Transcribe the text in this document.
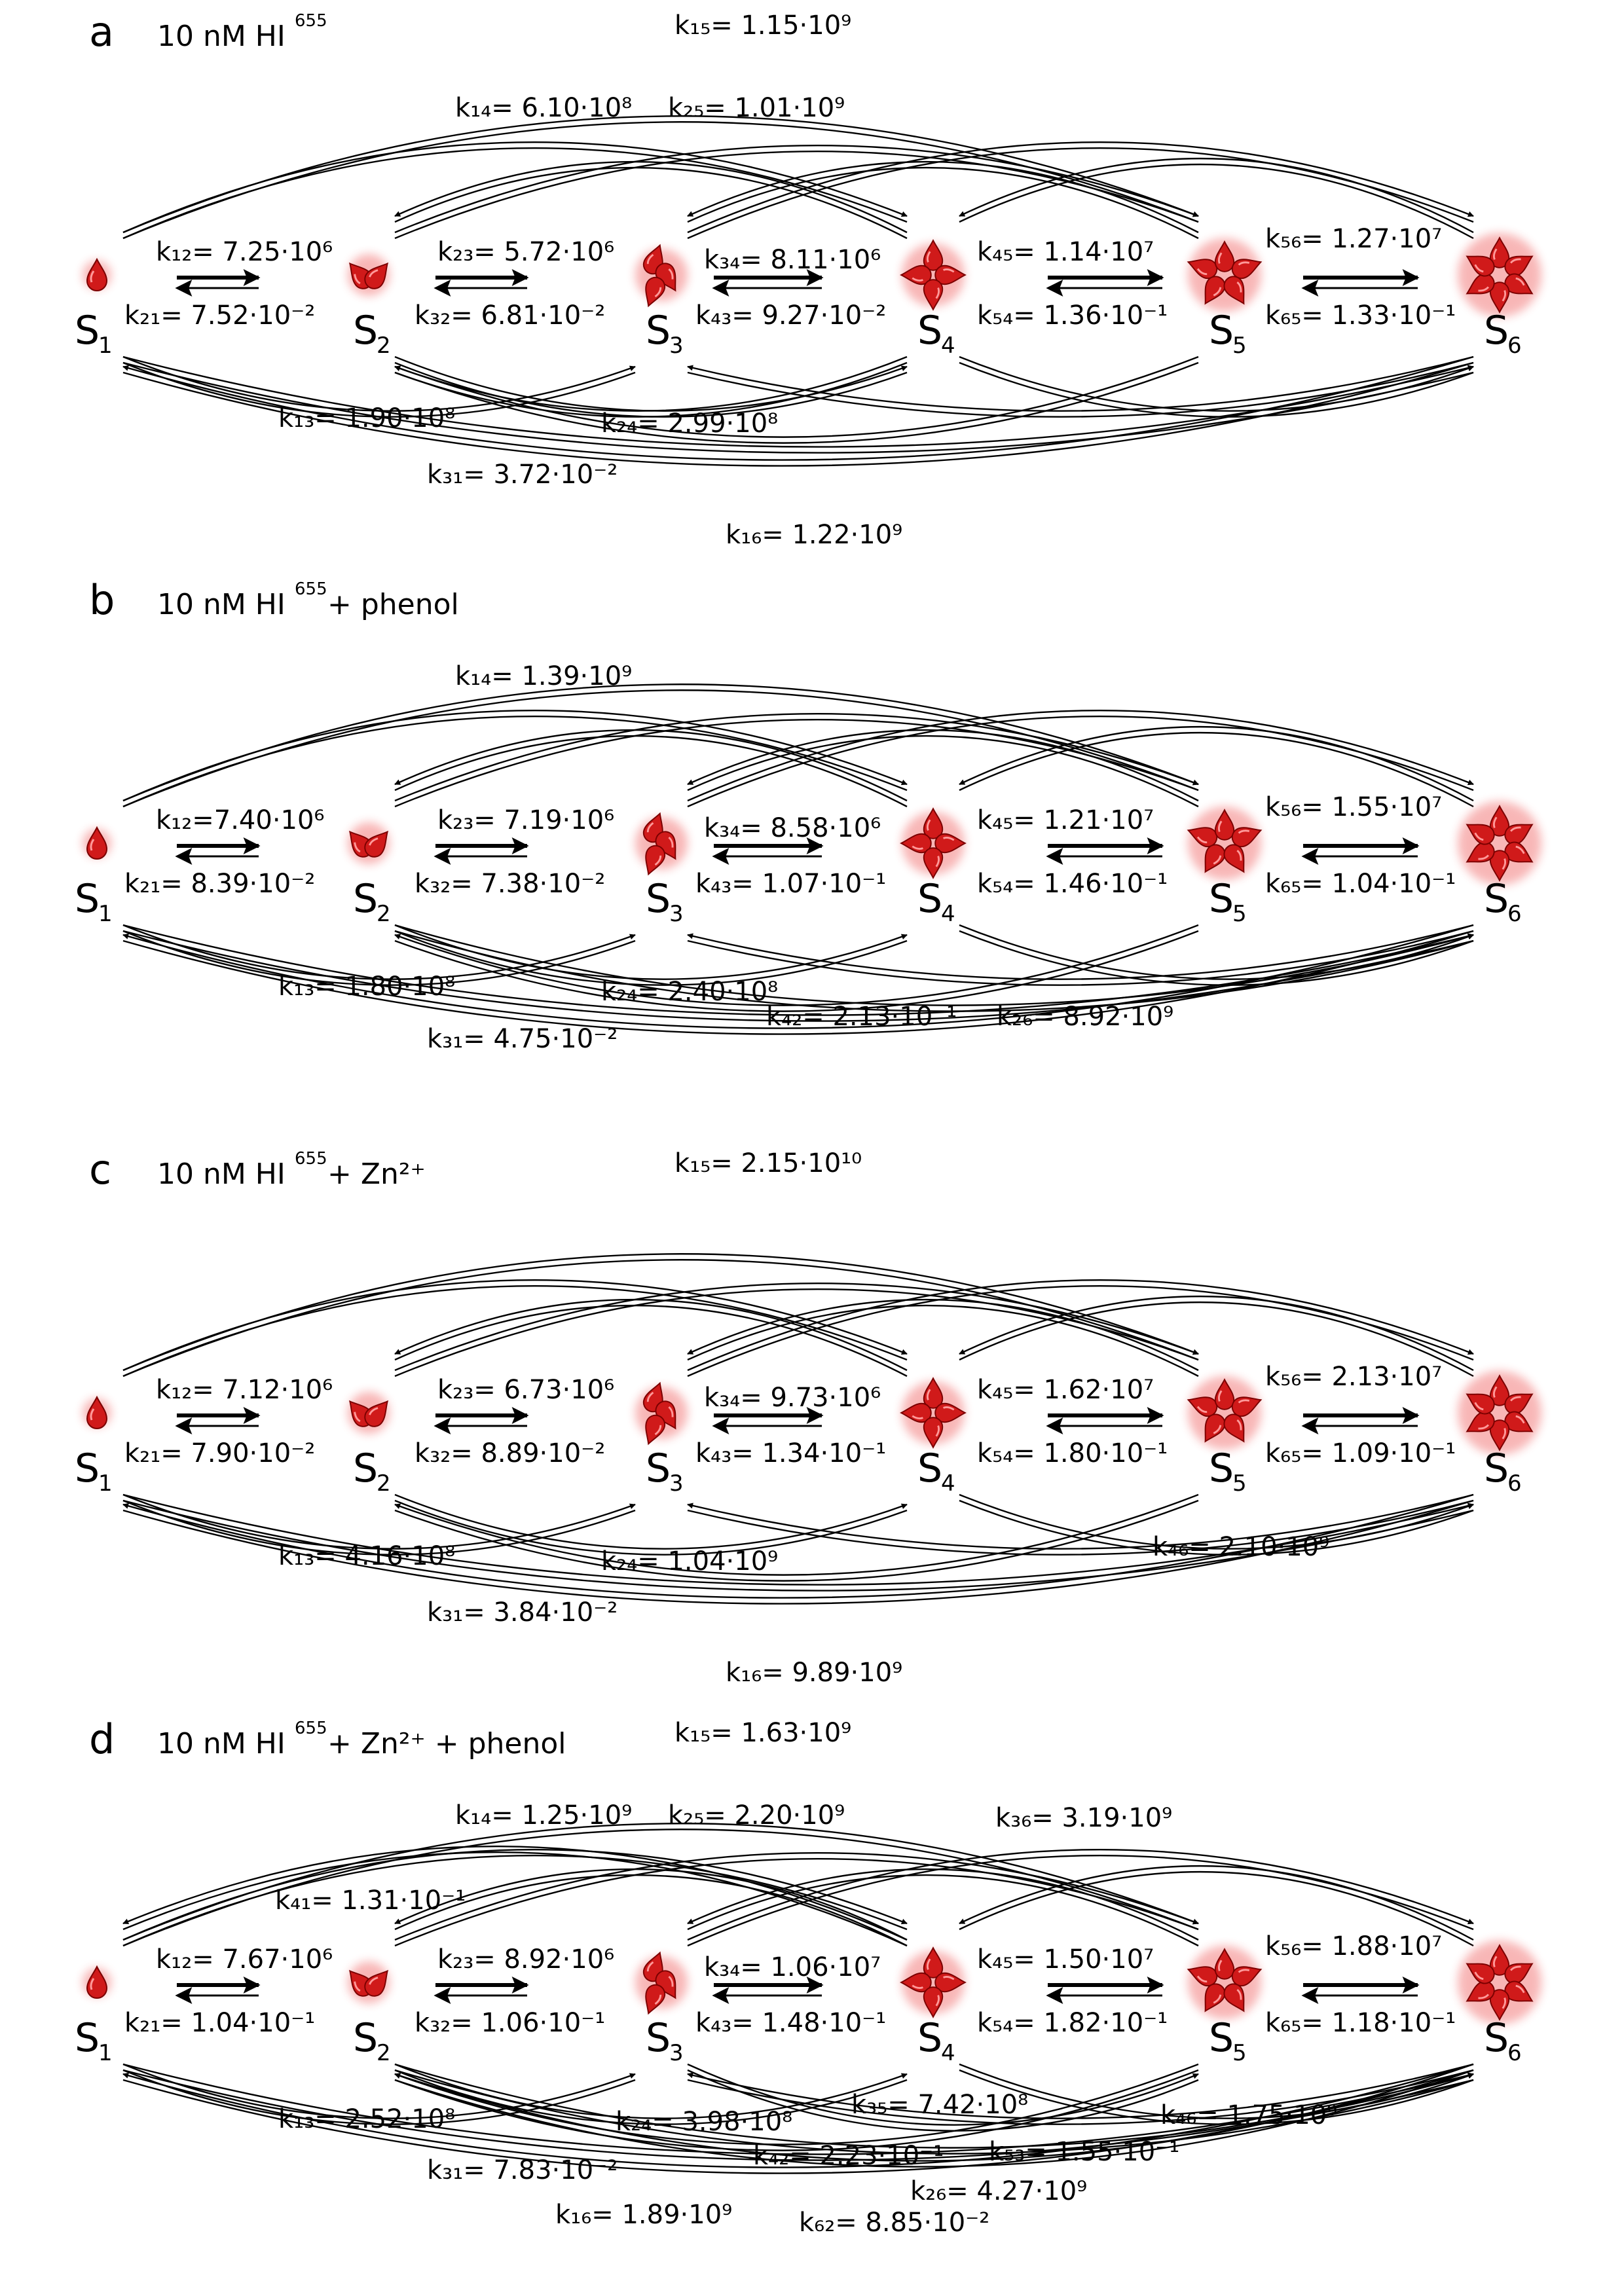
a 10 nM HI 655
S
1	S
2	S
3	S
4	S
5	S
6
k₁₅= 1.15·10⁹
k₁₄= 6.10·10⁸ k₂₅= 1.01·10⁹
k₁₂= 7.25·10⁶
k₂₁= 7.52·10⁻²
k₂₃= 5.72·10⁶
k₃₂= 6.81·10⁻²
k₃₄= 8.11·10⁶
k₄₃= 9.27·10⁻²
k₄₅= 1.14·10⁷
k₅₄= 1.36·10⁻¹
k₅₆= 1.27·10⁷
k₆₅= 1.33·10⁻¹
k₁₃= 1.90·10⁸	k₂₄= 2.99·10⁸
k₃₁= 3.72·10⁻²
k₁₆= 1.22·10⁹
b 10 nM HI 655 + phenol
S
1	S
2	S
3	S
4	S
5	S
6
k₁₄= 1.39·10⁹
k₁₂=7.40·10⁶
k₂₁= 8.39·10⁻²
k₂₃= 7.19·10⁶
k₃₂= 7.38·10⁻²
k₃₄= 8.58·10⁶
k₄₃= 1.07·10⁻¹
k₄₅= 1.21·10⁷
k₅₄= 1.46·10⁻¹
k₅₆= 1.55·10⁷
k₆₅= 1.04·10⁻¹
k₁₃= 1.80·10⁸	k₂₄= 2.40·10⁸
k₄₂= 2.13·10⁻¹ k₂₆= 8.92·10⁹
k₃₁= 4.75·10⁻²
c 10 nM HI 655 + Zn²⁺
S
1	S
2	S
3	S
4	S
5	S
6
k₁₅= 2.15·10¹⁰
k₁₂= 7.12·10⁶
k₂₁= 7.90·10⁻²
k₂₃= 6.73·10⁶
k₃₂= 8.89·10⁻²
k₃₄= 9.73·10⁶
k₄₃= 1.34·10⁻¹
k₄₅= 1.62·10⁷
k₅₄= 1.80·10⁻¹
k₅₆= 2.13·10⁷
k₆₅= 1.09·10⁻¹
k₁₃= 4.16·10⁸	k₂₄= 1.04·10⁹	k₄₆= 2.10·10⁹
k₃₁= 3.84·10⁻²
k₁₆= 9.89·10⁹
d 10 nM HI 655 + Zn²⁺ + phenol
S
1	S
2	S
3	S
4	S
5	S
6
k₁₅= 1.63·10⁹
k₁₄= 1.25·10⁹ k₂₅= 2.20·10⁹	k₃₆= 3.19·10⁹
k₄₁= 1.31·10⁻¹
k₁₂= 7.67·10⁶
k₂₁= 1.04·10⁻¹
k₂₃= 8.92·10⁶
k₃₂= 1.06·10⁻¹
k₃₄= 1.06·10⁷
k₄₃= 1.48·10⁻¹
k₄₅= 1.50·10⁷
k₅₄= 1.82·10⁻¹
k₅₆= 1.88·10⁷
k₆₅= 1.18·10⁻¹
k₁₃= 2.52·10⁸	k₂₄= 3.98·10⁸
k₃₅= 7.42·10⁸	k₄₆= 1.75·10⁹
k₄₂= 2.23·10⁻¹ k₅₃= 1.55·10⁻¹
k₂₆= 4.27·10⁹
k₃₁= 7.83·10⁻²
k₁₆= 1.89·10⁹	k₆₂= 8.85·10⁻²
